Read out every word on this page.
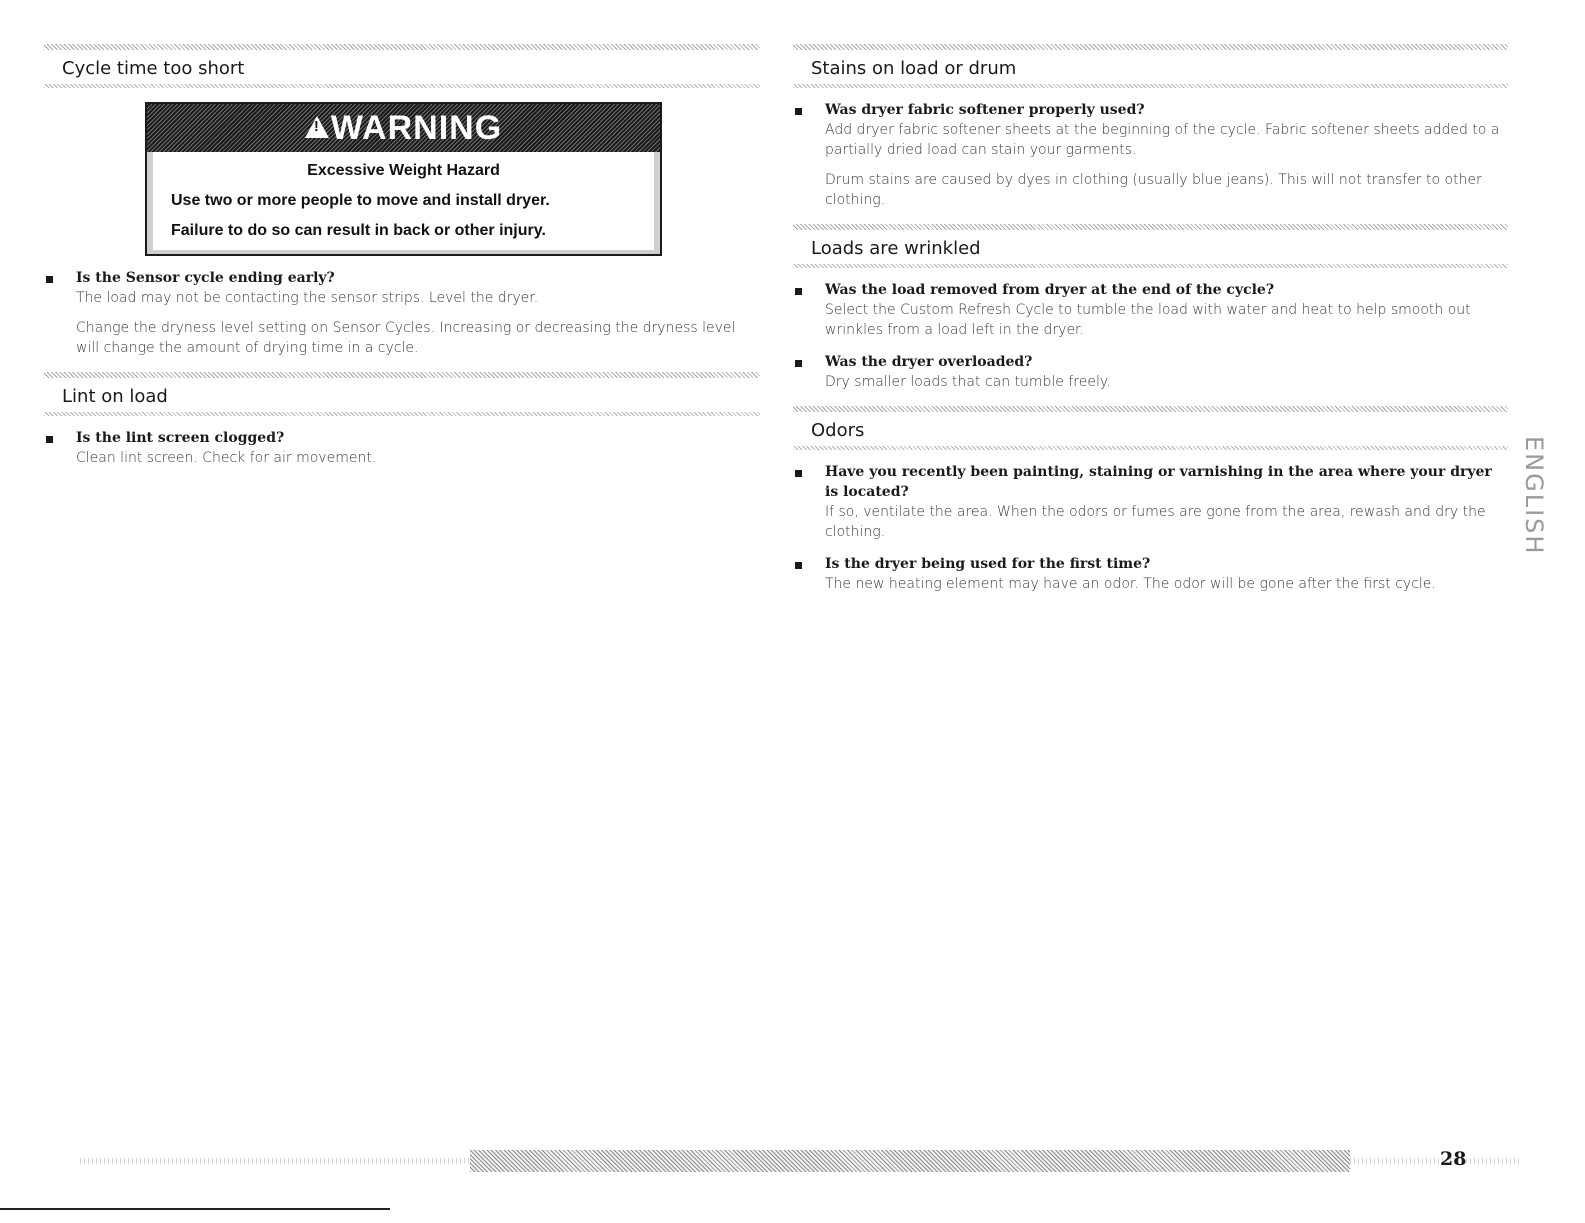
Cycle time too short
!
WARNING
Excessive Weight Hazard
Use two or more people to move and install dryer.
Failure to do so can result in back or other injury.
Is the Sensor cycle ending early?
The load may not be contacting the sensor strips. Level the dryer.
Change the dryness level setting on Sensor Cycles. Increasing or decreasing the dryness level will change the amount of drying time in a cycle.
Lint on load
Is the lint screen clogged?
Clean lint screen. Check for air movement.
Stains on load or drum
Was dryer fabric softener properly used?
Add dryer fabric softener sheets at the beginning of the cycle. Fabric softener sheets added to a partially dried load can stain your garments.
Drum stains are caused by dyes in clothing (usually blue jeans). This will not transfer to other clothing.
Loads are wrinkled
Was the load removed from dryer at the end of the cycle?
Select the Custom Refresh Cycle to tumble the load with water and heat to help smooth out wrinkles from a load left in the dryer.
Was the dryer overloaded?
Dry smaller loads that can tumble freely.
Odors
Have you recently been painting, staining or varnishing in the area where your dryer is located?
If so, ventilate the area. When the odors or fumes are gone from the area, rewash and dry the clothing.
Is the dryer being used for the first time?
The new heating element may have an odor. The odor will be gone after the first cycle.
ENGLISH
28
